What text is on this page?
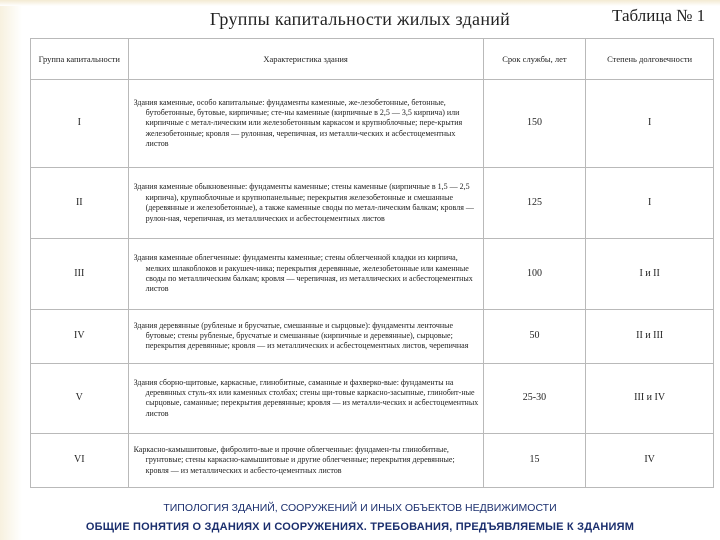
Группы капитальности жилых зданий	Таблица № 1
Группа капитальности	Характеристика здания	Срок службы, лет	Степень долговечности
I	Здания каменные, особо капитальные: фундаменты каменные, же-лезобетонные, бетонные, бутобетонные, бутовые, кирпичные; сте-ны каменные (кирпичные в 2,5 — 3,5 кирпича) или кирпичные с метал-лическим или железобетонным каркасом и крупноблочные; пере-крытия железобетонные; кровля — рулонная, черепичная, из металли-ческих и асбестоцементных листов	150	I
II	Здания каменные обыкновенные: фундаменты каменные; стены каменные (кирпичные в 1,5 — 2,5 кирпича), крупноблочные и крупнопанельные; перекрытия железобетонные и смешанные (деревянные и железобетонные), а также каменные своды по метал-лическим балкам; кровля — рулон-ная, черепичная, из металлических и асбестоцементных листов	125	I
III	Здания каменные облегченные: фундаменты каменные; стены облегченной кладки из кирпича, мелких шлакоблоков и ракушеч-ника; перекрытия деревянные, железобетонные или каменные своды по металлическим балкам; кровля — черепичная, из металлических и асбестоцементных листов	100	I и II
IV	Здания деревянные (рубленые и брусчатые, смешанные и сырцовые): фундаменты ленточные бутовые; стены рубленые, брусчатые и смешанные (кирпичные и деревянные), сырцовые; перекрытия деревянные; кровля — из металлических и асбестоцементных листов, черепичная	50	II и III
V	Здания сборно-щитовые, каркасные, глинобитные, саманные и фахверко-вые: фундаменты на деревянных стуль-ях или каменных столбах; стены щи-товые каркасно-засыпные, глинобит-ные сырцовые, саманные; перекрытия деревянные; кровля — из металли-ческих и асбестоцементных листов	25-30	III и IV
VI	Каркасно-камышитовые, фибролито-вые и прочие облегченные: фундамен-ты глинобитные, грунтовые; стены каркасно-камышитовые и другие облегченные; перекрытия деревянные; кровля — из металлических и асбесто-цементных листов	15	IV
ТИПОЛОГИЯ ЗДАНИЙ, СООРУЖЕНИЙ И ИНЫХ ОБЪЕКТОВ НЕДВИЖИМОСТИ
ОБЩИЕ ПОНЯТИЯ О ЗДАНИЯХ И СООРУЖЕНИЯХ. ТРЕБОВАНИЯ, ПРЕДЪЯВЛЯЕМЫЕ К ЗДАНИЯМ
